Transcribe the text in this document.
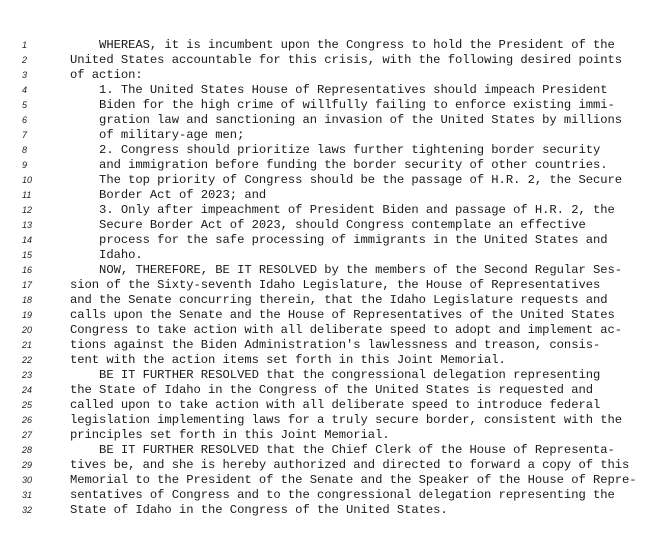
1	WHEREAS, it is incumbent upon the Congress to hold the President of the
2	United States accountable for this crisis, with the following desired points
3	of action:
4	1. The United States House of Representatives should impeach President
5	Biden for the high crime of willfully failing to enforce existing immi-
6	gration law and sanctioning an invasion of the United States by millions
7	of military-age men;
8	2. Congress should prioritize laws further tightening border security
9	and immigration before funding the border security of other countries.
10	The top priority of Congress should be the passage of H.R. 2, the Secure
11	Border Act of 2023; and
12	3. Only after impeachment of President Biden and passage of H.R. 2, the
13	Secure Border Act of 2023, should Congress contemplate an effective
14	process for the safe processing of immigrants in the United States and
15	Idaho.
16	NOW, THEREFORE, BE IT RESOLVED by the members of the Second Regular Ses-
17	sion of the Sixty-seventh Idaho Legislature, the House of Representatives
18	and the Senate concurring therein, that the Idaho Legislature requests and
19	calls upon the Senate and the House of Representatives of the United States
20	Congress to take action with all deliberate speed to adopt and implement ac-
21	tions against the Biden Administration's lawlessness and treason, consis-
22	tent with the action items set forth in this Joint Memorial.
23	BE IT FURTHER RESOLVED that the congressional delegation representing
24	the State of Idaho in the Congress of the United States is requested and
25	called upon to take action with all deliberate speed to introduce federal
26	legislation implementing laws for a truly secure border, consistent with the
27	principles set forth in this Joint Memorial.
28	BE IT FURTHER RESOLVED that the Chief Clerk of the House of Representa-
29	tives be, and she is hereby authorized and directed to forward a copy of this
30	Memorial to the President of the Senate and the Speaker of the House of Repre-
31	sentatives of Congress and to the congressional delegation representing the
32	State of Idaho in the Congress of the United States.
